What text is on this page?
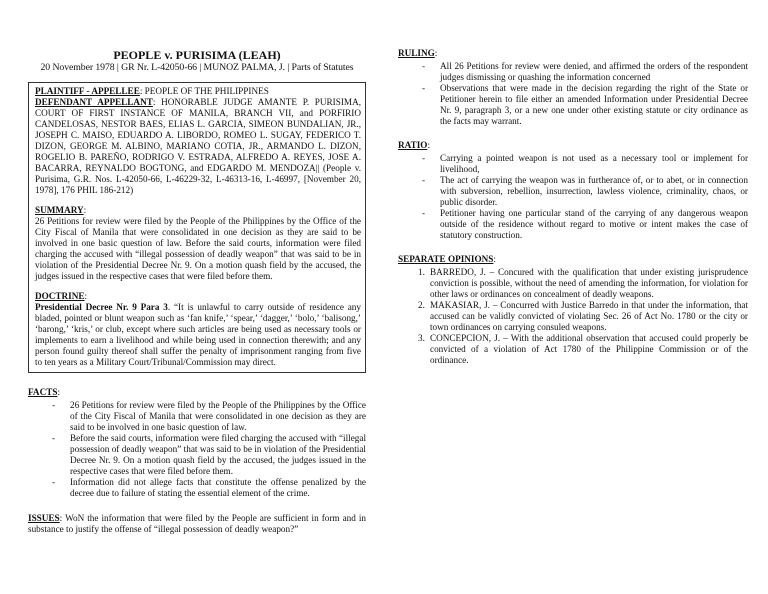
PEOPLE v. PURISIMA (LEAH)
20 November 1978 | GR Nr. L-42050-66 | MUNOZ PALMA, J. | Parts of Statutes

PLAINTIFF - APPELLEE: PEOPLE OF THE PHILIPPINES

DEFENDANT APPELLANT: HONORABLE JUDGE AMANTE P. PURISIMA, COURT OF FIRST INSTANCE OF MANILA, BRANCH VII, and PORFIRIO CANDELOSAS, NESTOR BAES, ELIAS L. GARCIA, SIMEON BUNDALIAN, JR., JOSEPH C. MAISO, EDUARDO A. LIBORDO, ROMEO L. SUGAY, FEDERICO T. DIZON, GEORGE M. ALBINO, MARIANO COTIA, JR., ARMANDO L. DIZON, ROGELIO B. PAREÑO, RODRIGO V. ESTRADA, ALFREDO A. REYES, JOSE A. BACARRA, REYNALDO BOGTONG, and EDGARDO M. MENDOZA|| (People v. Purisima, G.R. Nos. L-42050-66, L-46229-32, L-46313-16, L-46997, [November 20, 1978], 176 PHIL 186-212)

SUMMARY:

26 Petitions for review were filed by the People of the Philippines by the Office of the City Fiscal of Manila that were consolidated in one decision as they are said to be involved in one basic question of law. Before the said courts, information were filed charging the accused with “illegal possession of deadly weapon” that was said to be in violation of the Presidential Decree Nr. 9. On a motion quash field by the accused, the judges issued in the respective cases that were filed before them.

DOCTRINE:

Presidential Decree Nr. 9 Para 3. “It is unlawful to carry outside of residence any bladed, pointed or blunt weapon such as ‘fan knife,’ ‘spear,’ ‘dagger,’ ‘bolo,’ ‘balisong,’ ‘barong,’ ‘kris,’ or club, except where such articles are being used as necessary tools or implements to earn a livelihood and while being used in connection therewith; and any person found guilty thereof shall suffer the penalty of imprisonment ranging from five to ten years as a Military Court/Tribunal/Commission may direct.

FACTS:
- 26 Petitions for review were filed by the People of the Philippines by the Office of the City Fiscal of Manila that were consolidated in one decision as they are said to be involved in one basic question of law.
- Before the said courts, information were filed charging the accused with “illegal possession of deadly weapon” that was said to be in violation of the Presidential Decree Nr. 9. On a motion quash field by the accused, the judges issued in the respective cases that were filed before them.
- Information did not allege facts that constitute the offense penalized by the decree due to failure of stating the essential element of the crime.
ISSUES: WoN the information that were filed by the People are sufficient in form and in substance to justify the offense of “illegal possession of deadly weapon?”
RULING:
- All 26 Petitions for review were denied, and affirmed the orders of the respondent judges dismissing or quashing the information concerned
- Observations that were made in the decision regarding the right of the State or Petitioner herein to file either an amended Information under Presidential Decree Nr. 9, paragraph 3, or a new one under other existing statute or city ordinance as the facts may warrant.
RATIO:
- Carrying a pointed weapon is not used as a necessary tool or implement for livelihood,
- The act of carrying the weapon was in furtherance of, or to abet, or in connection with subversion, rebellion, insurrection, lawless violence, criminality, chaos, or public disorder.
- Petitioner having one particular stand of the carrying of any dangerous weapon outside of the residence without regard to motive or intent makes the case of statutory construction.
SEPARATE OPINIONS:
1. BARREDO, J. – Concured with the qualification that under existing jurisprudence conviction is possible, without the need of amending the information, for violation for other laws or ordinances on concealment of deadly weapons.
2. MAKASIAR, J. – Concurred with Justice Barredo in that under the information, that accused can be validly convicted of violating Sec. 26 of Act No. 1780 or the city or town ordinances on carrying consuled weapons.
3. CONCEPCION, J. – With the additional observation that accused could properly be convicted of a violation of Act 1780 of the Philippine Commission or of the ordinance.
